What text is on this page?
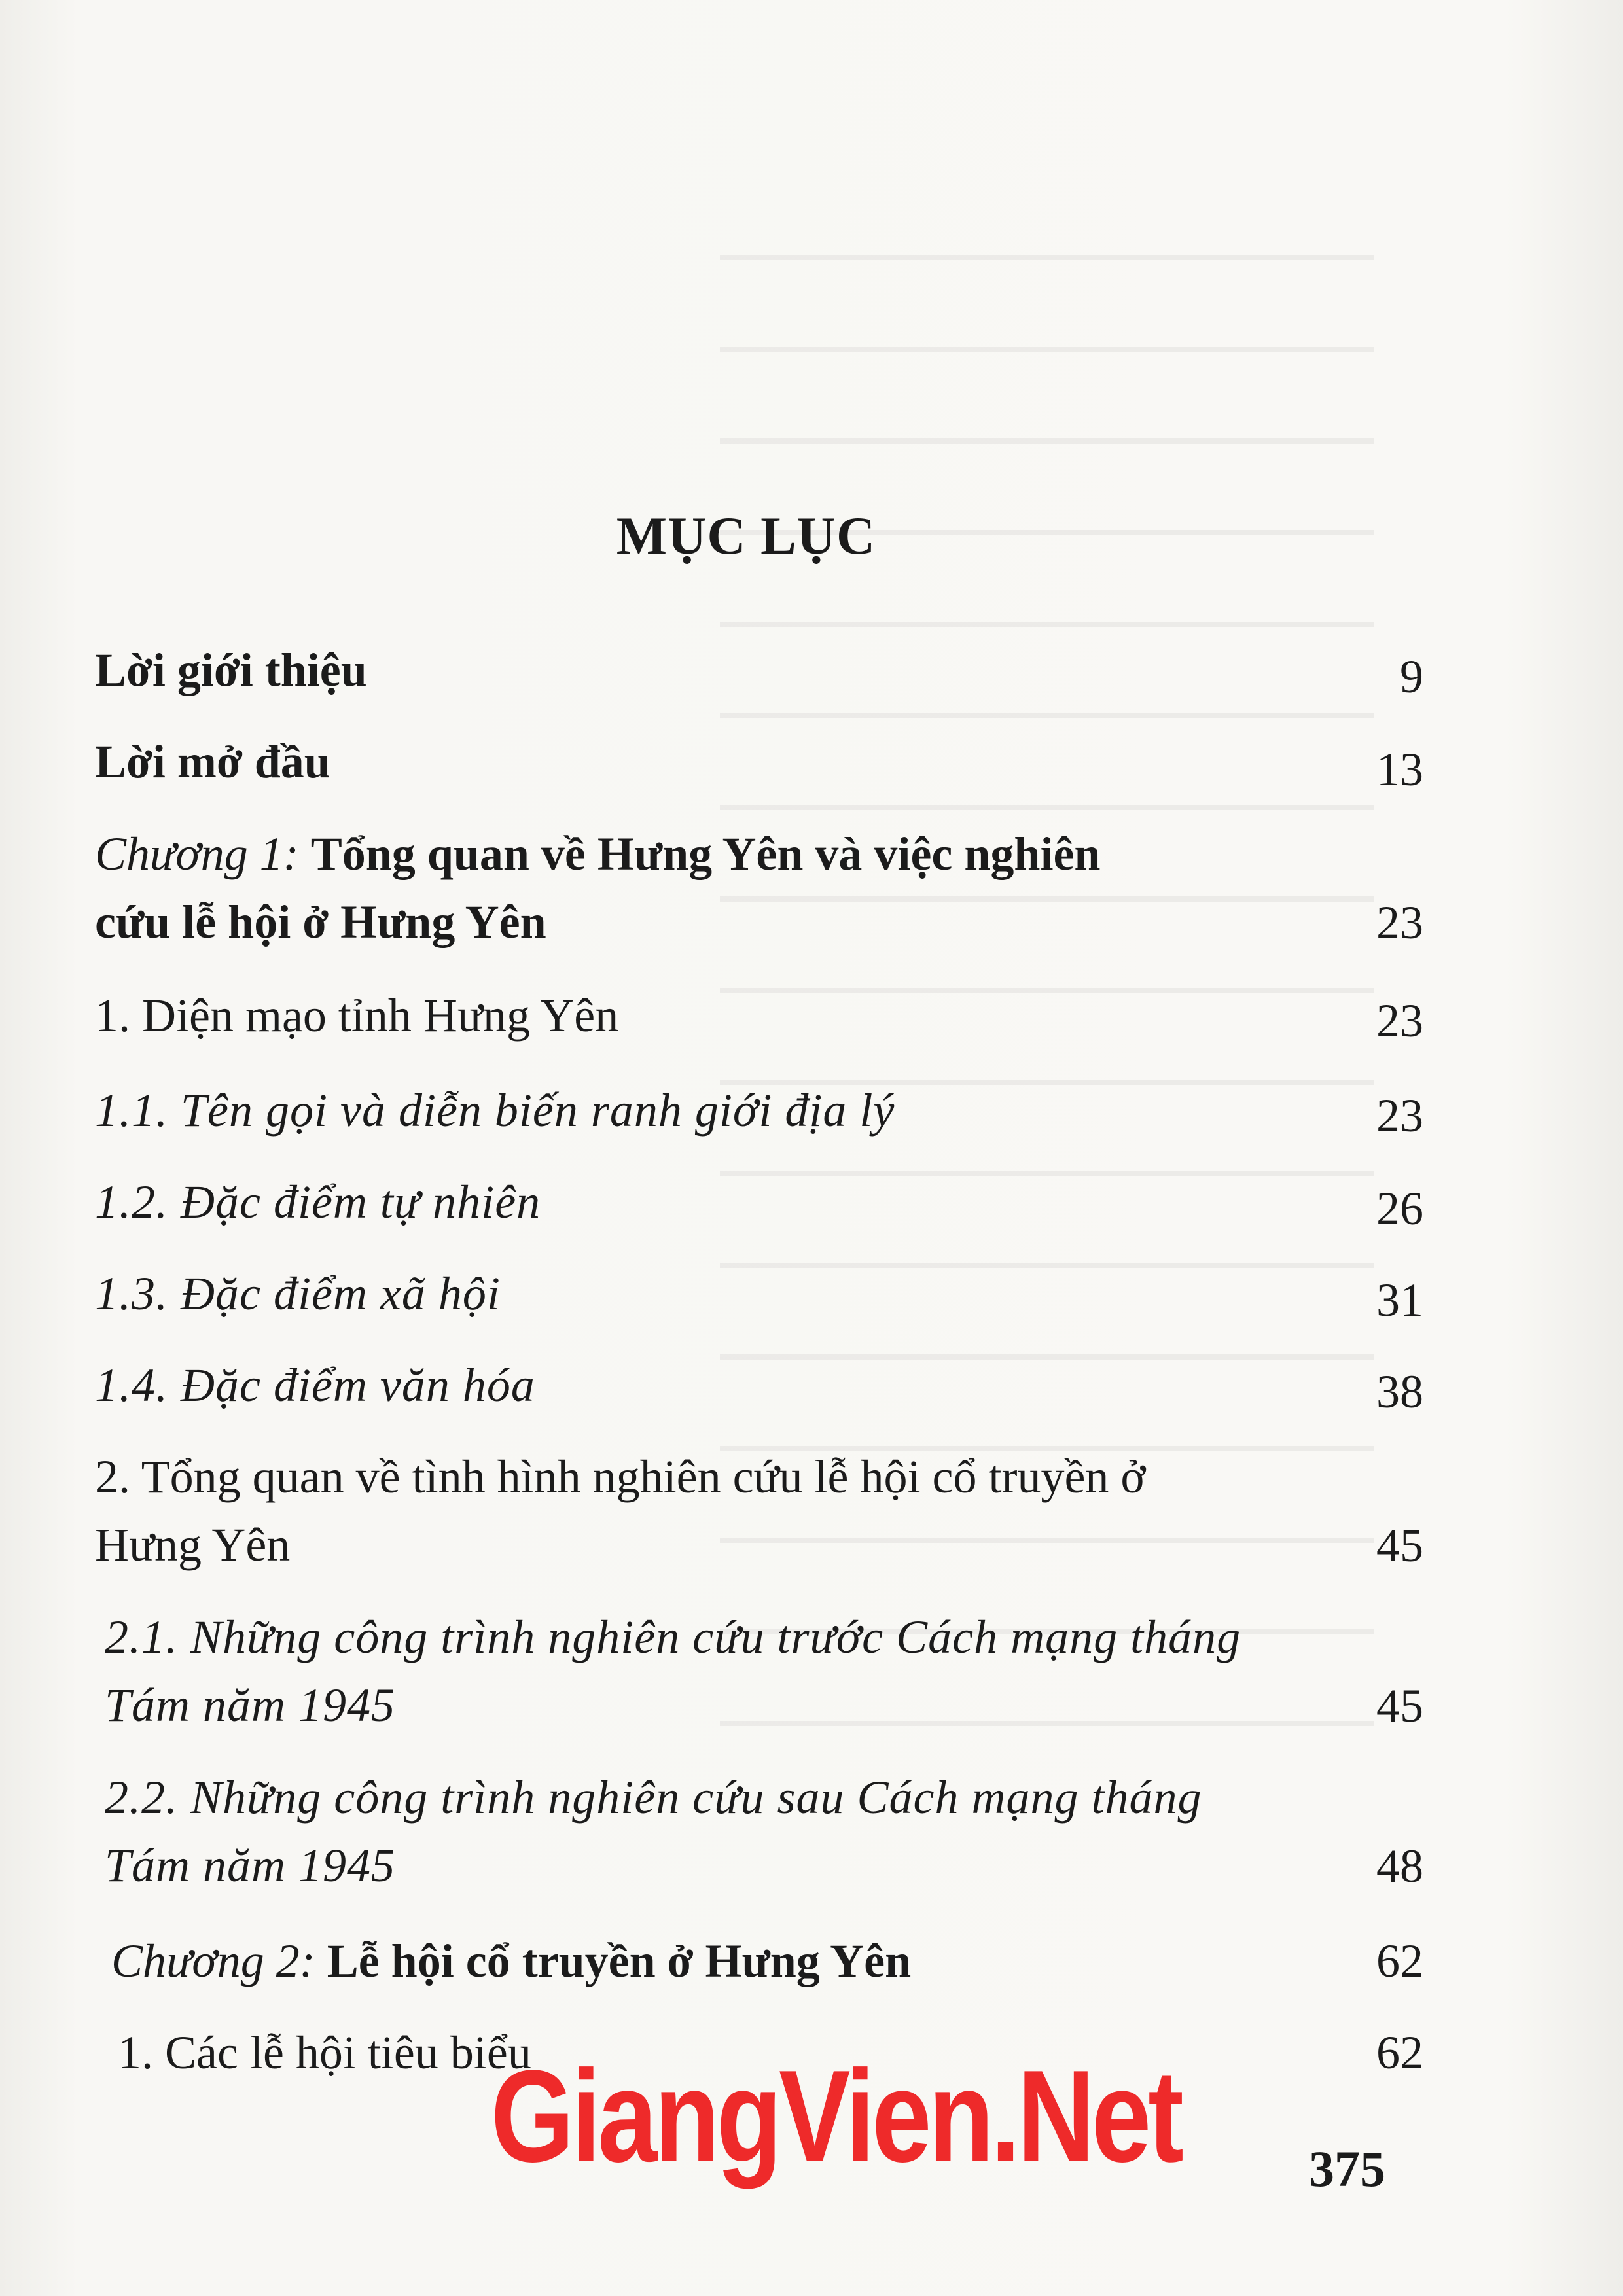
MỤC LỤC
Lời giới thiệu	9
Lời mở đầu	13
Chương 1: Tổng quan về Hưng Yên và việc nghiên cứu lễ hội ở Hưng Yên	23
1. Diện mạo tỉnh Hưng Yên	23
1.1. Tên gọi và diễn biến ranh giới địa lý	23
1.2. Đặc điểm tự nhiên	26
1.3. Đặc điểm xã hội	31
1.4. Đặc điểm văn hóa	38
2. Tổng quan về tình hình nghiên cứu lễ hội cổ truyền ở Hưng Yên	45
2.1. Những công trình nghiên cứu trước Cách mạng tháng Tám năm 1945	45
2.2. Những công trình nghiên cứu sau Cách mạng tháng Tám năm 1945	48
Chương 2: Lễ hội cổ truyền ở Hưng Yên	62
1. Các lễ hội tiêu biểu	62
GiangVien.Net	375
